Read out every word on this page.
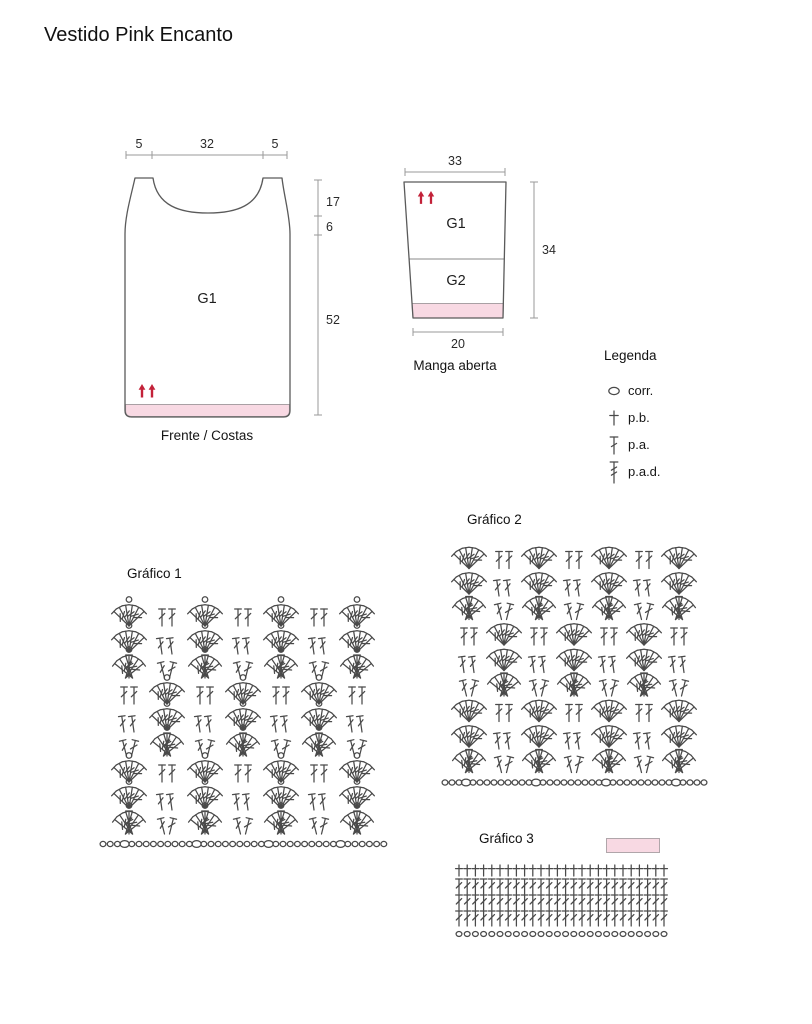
Vestido Pink Encanto
5	32	5
G1
17
6
52
Frente / Costas
33
G1
G2
34
20
Manga aberta
Legenda
corr.
p.b.
p.a.
p.a.d.
Gráfico 1
Gráfico 2
Gráfico 3
